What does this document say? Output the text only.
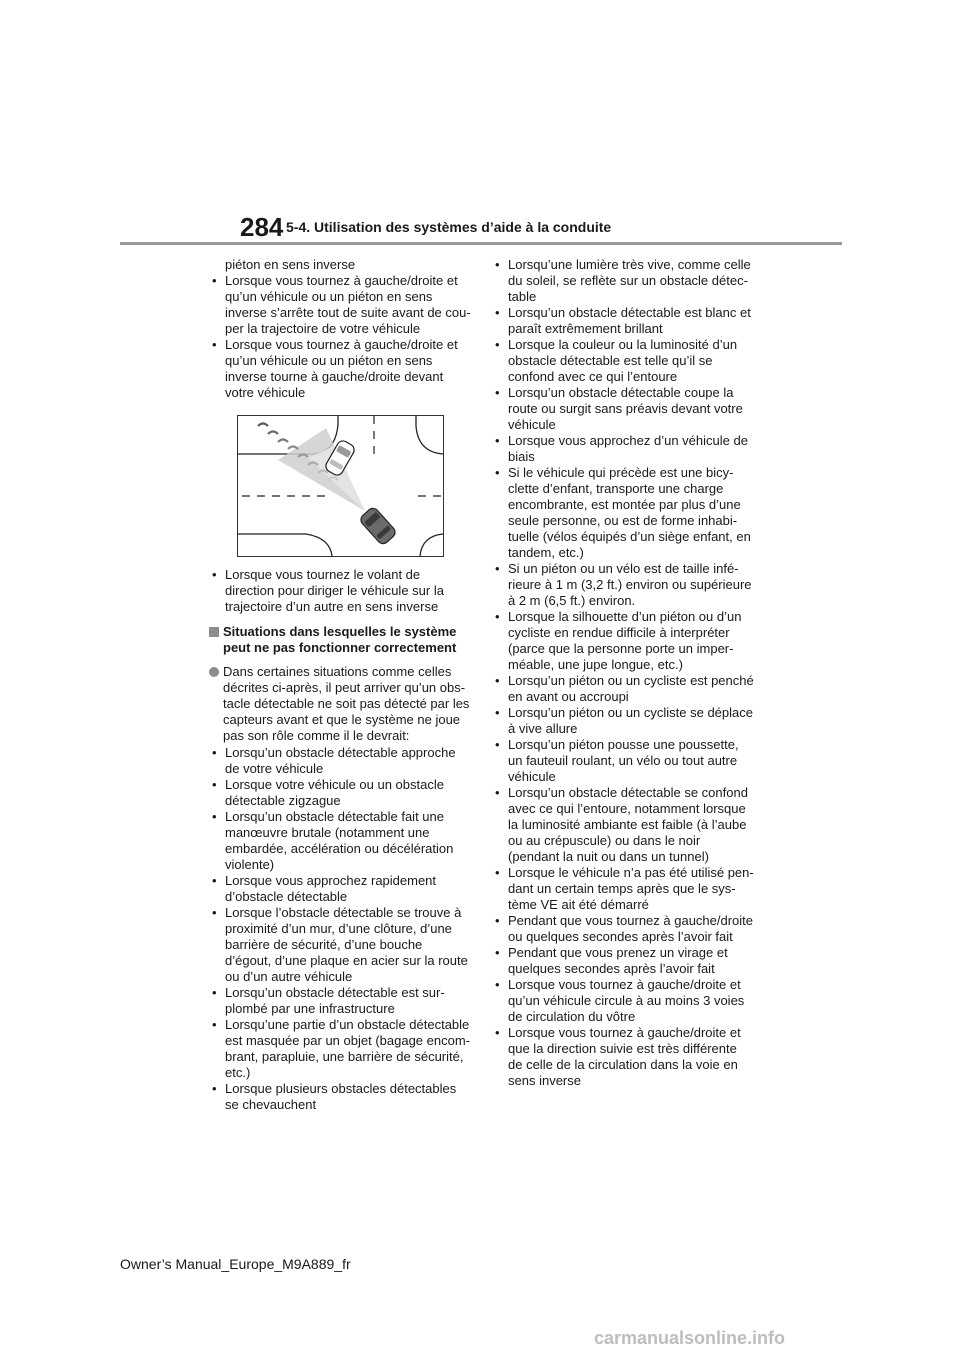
284 5-4. Utilisation des systèmes d’aide à la conduite
piéton en sens inverse
• Lorsque vous tournez à gauche/droite et qu’un véhicule ou un piéton en sens inverse s’arrête tout de suite avant de cou-per la trajectoire de votre véhicule
• Lorsque vous tournez à gauche/droite et qu’un véhicule ou un piéton en sens inverse tourne à gauche/droite devant votre véhicule
• Lorsque vous tournez le volant de direction pour diriger le véhicule sur la trajectoire d’un autre en sens inverse
Situations dans lesquelles le système peut ne pas fonctionner correctement
Dans certaines situations comme celles décrites ci-après, il peut arriver qu’un obs-tacle détectable ne soit pas détecté par les capteurs avant et que le système ne joue pas son rôle comme il le devrait:
• Lorsqu’un obstacle détectable approche de votre véhicule
• Lorsque votre véhicule ou un obstacle détectable zigzague
• Lorsqu’un obstacle détectable fait une manœuvre brutale (notamment une embardée, accélération ou décélération violente)
• Lorsque vous approchez rapidement d’obstacle détectable
• Lorsque l’obstacle détectable se trouve à proximité d’un mur, d’une clôture, d’une barrière de sécurité, d’une bouche d’égout, d’une plaque en acier sur la route ou d’un autre véhicule
• Lorsqu’un obstacle détectable est sur-plombé par une infrastructure
• Lorsqu’une partie d’un obstacle détectable est masquée par un objet (bagage encom-brant, parapluie, une barrière de sécurité, etc.)
• Lorsque plusieurs obstacles détectables se chevauchent
• Lorsqu’une lumière très vive, comme celle du soleil, se reflète sur un obstacle détec-table
• Lorsqu’un obstacle détectable est blanc et paraît extrêmement brillant
• Lorsque la couleur ou la luminosité d’un obstacle détectable est telle qu’il se confond avec ce qui l’entoure
• Lorsqu’un obstacle détectable coupe la route ou surgit sans préavis devant votre véhicule
• Lorsque vous approchez d’un véhicule de biais
• Si le véhicule qui précède est une bicy-clette d’enfant, transporte une charge encombrante, est montée par plus d’une seule personne, ou est de forme inhabi-tuelle (vélos équipés d’un siège enfant, en tandem, etc.)
• Si un piéton ou un vélo est de taille infé-rieure à 1 m (3,2 ft.) environ ou supérieure à 2 m (6,5 ft.) environ.
• Lorsque la silhouette d’un piéton ou d’un cycliste en rendue difficile à interpréter (parce que la personne porte un imper-méable, une jupe longue, etc.)
• Lorsqu’un piéton ou un cycliste est penché en avant ou accroupi
• Lorsqu’un piéton ou un cycliste se déplace à vive allure
• Lorsqu’un piéton pousse une poussette, un fauteuil roulant, un vélo ou tout autre véhicule
• Lorsqu’un obstacle détectable se confond avec ce qui l’entoure, notamment lorsque la luminosité ambiante est faible (à l’aube ou au crépuscule) ou dans le noir (pendant la nuit ou dans un tunnel)
• Lorsque le véhicule n’a pas été utilisé pen-dant un certain temps après que le sys-tème VE ait été démarré
• Pendant que vous tournez à gauche/droite ou quelques secondes après l’avoir fait
• Pendant que vous prenez un virage et quelques secondes après l’avoir fait
• Lorsque vous tournez à gauche/droite et qu’un véhicule circule à au moins 3 voies de circulation du vôtre
• Lorsque vous tournez à gauche/droite et que la direction suivie est très différente de celle de la circulation dans la voie en sens inverse
Owner’s Manual_Europe_M9A889_fr
carmanualsonline.info
